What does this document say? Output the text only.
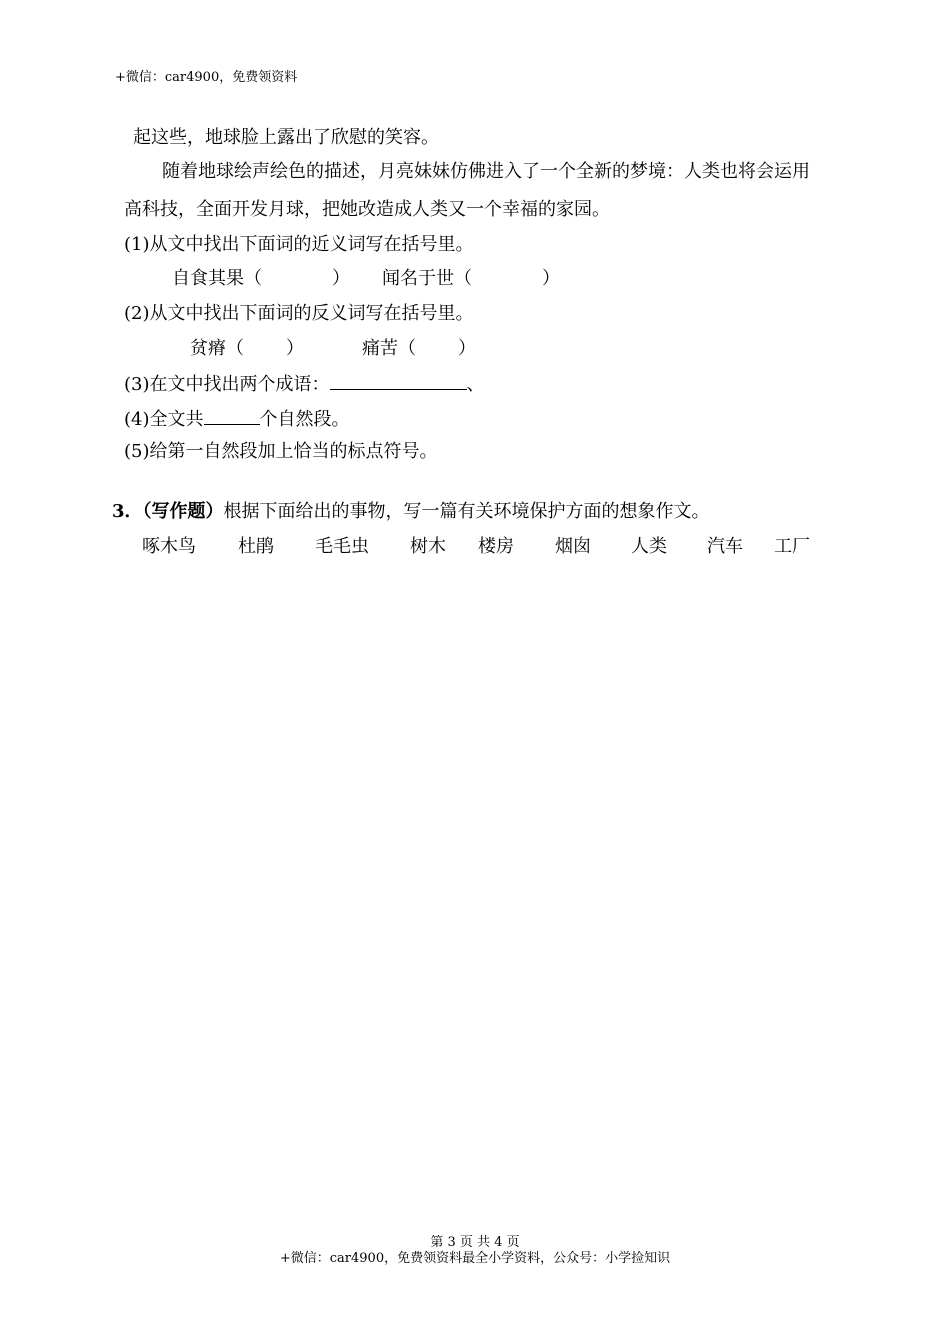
+微信：car4900，免费领资料
起这些，地球脸上露出了欣慰的笑容。
随着地球绘声绘色的描述，月亮妹妹仿佛进入了一个全新的梦境：人类也将会运用
高科技，全面开发月球，把她改造成人类又一个幸福的家园。
(1)从文中找出下面词的近义词写在括号里。
自食其果（	） 闻名于世（	）
(2)从文中找出下面词的反义词写在括号里。
贫瘠（ ）	痛苦（ ）
(3)在文中找出两个成语：	、
(4)全文共	个自然段。
(5)给第一自然段加上恰当的标点符号。
3．（写作题）根据下面给出的事物，写一篇有关环境保护方面的想象作文。
啄木鸟 杜鹃 毛毛虫 树木 楼房 烟囱 人类 汽车 工厂
第 3 页 共 4 页
+微信：car4900，免费领资料最全小学资料，公众号：小学捡知识
